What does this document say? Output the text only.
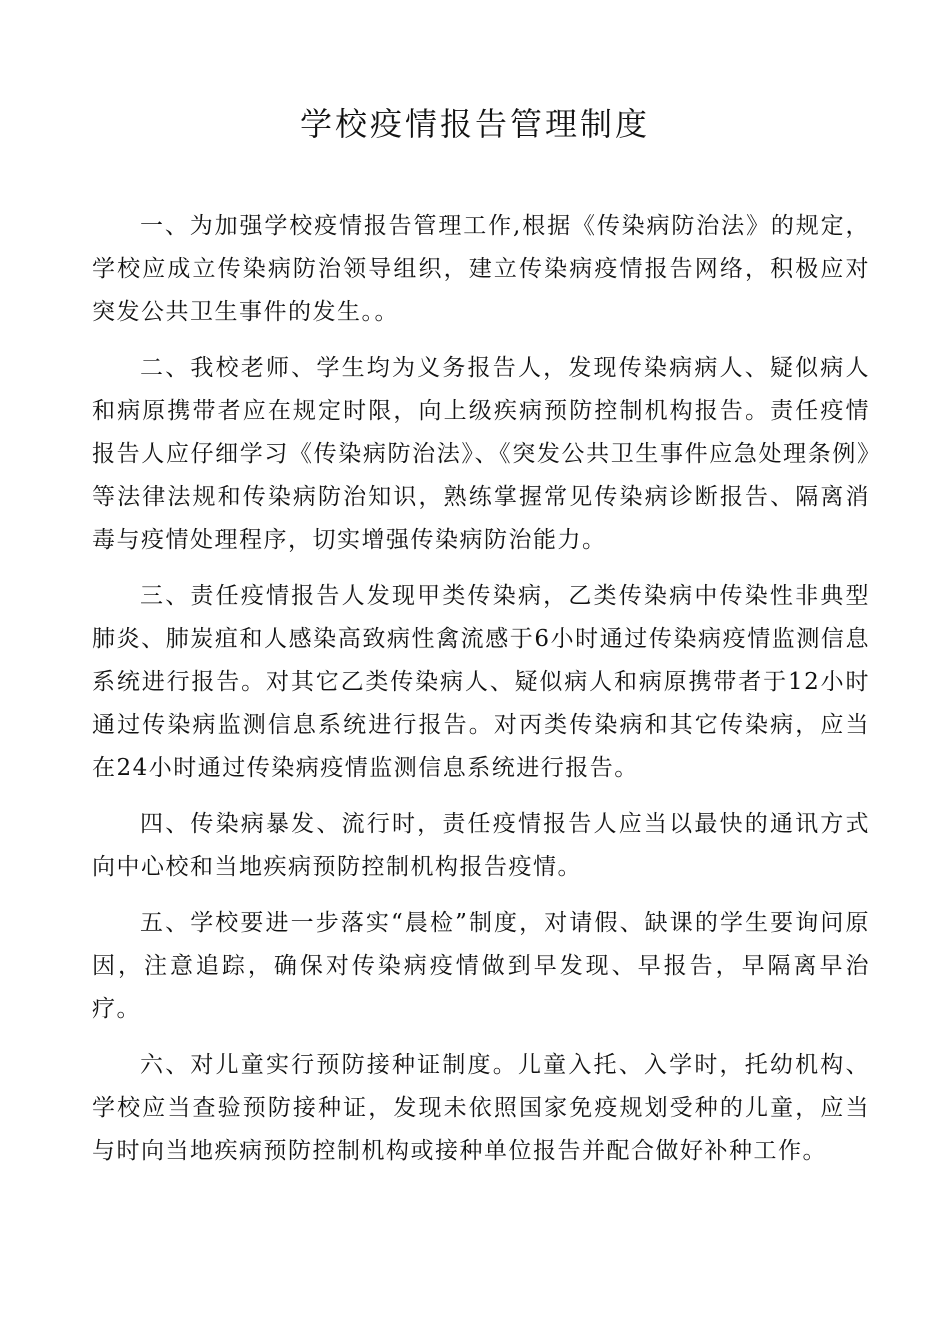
学校疫情报告管理制度

一、为加强学校疫情报告管理工作,根据《传染病防治法》的规定，学校应成立传染病防治领导组织，建立传染病疫情报告网络，积极应对突发公共卫生事件的发生。。

二、我校老师、学生均为义务报告人，发现传染病病人、疑似病人和病原携带者应在规定时限，向上级疾病预防控制机构报告。责任疫情报告人应仔细学习《传染病防治法》、《突发公共卫生事件应急处理条例》等法律法规和传染病防治知识，熟练掌握常见传染病诊断报告、隔离消毒与疫情处理程序，切实增强传染病防治能力。

三、责任疫情报告人发现甲类传染病，乙类传染病中传染性非典型肺炎、肺炭疽和人感染高致病性禽流感于6小时通过传染病疫情监测信息系统进行报告。对其它乙类传染病人、疑似病人和病原携带者于12小时通过传染病监测信息系统进行报告。对丙类传染病和其它传染病，应当在24小时通过传染病疫情监测信息系统进行报告。

四、传染病暴发、流行时，责任疫情报告人应当以最快的通讯方式向中心校和当地疾病预防控制机构报告疫情。

五、学校要进一步落实“晨检”制度，对请假、缺课的学生要询问原因，注意追踪，确保对传染病疫情做到早发现、早报告，早隔离早治疗。

六、对儿童实行预防接种证制度。儿童入托、入学时，托幼机构、学校应当查验预防接种证，发现未依照国家免疫规划受种的儿童，应当与时向当地疾病预防控制机构或接种单位报告并配合做好补种工作。
